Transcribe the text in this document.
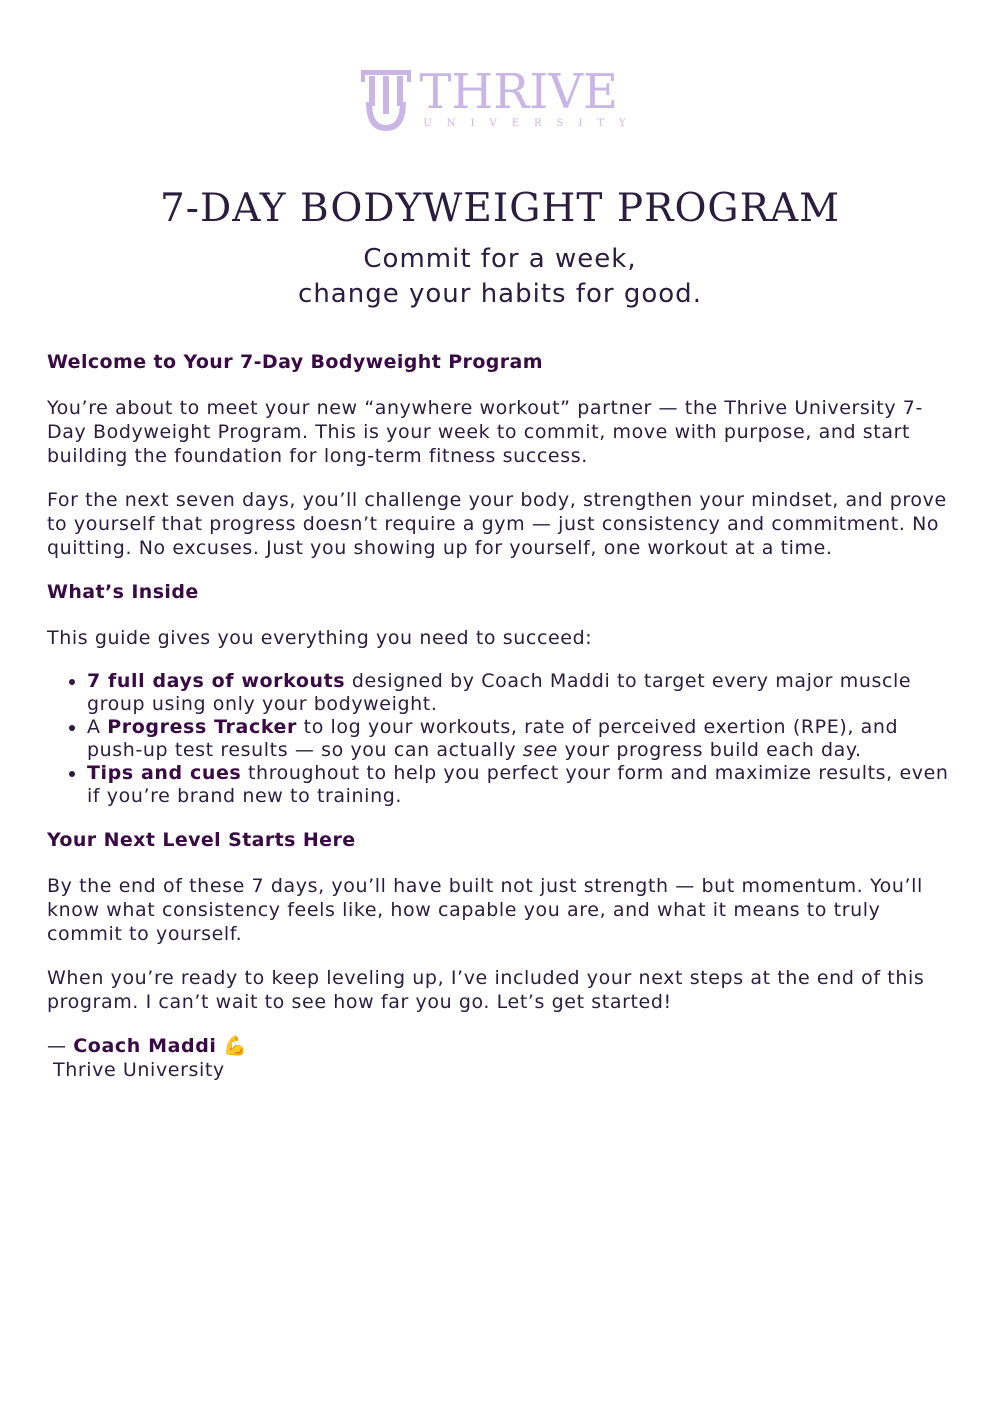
THRIVE
UNIVERSITY
7-DAY BODYWEIGHT PROGRAM
Commit for a week,
change your habits for good.
Welcome to Your 7-Day Bodyweight Program

You’re about to meet your new “anywhere workout” partner — the Thrive University 7-Day Bodyweight Program. This is your week to commit, move with purpose, and start building the foundation for long-term fitness success.

For the next seven days, you’ll challenge your body, strengthen your mindset, and prove to yourself that progress doesn’t require a gym — just consistency and commitment. No quitting. No excuses. Just you showing up for yourself, one workout at a time.

What’s Inside

This guide gives you everything you need to succeed:

• 7 full days of workouts designed by Coach Maddi to target every major muscle group using only your bodyweight.
• A Progress Tracker to log your workouts, rate of perceived exertion (RPE), and push-up test results — so you can actually see your progress build each day.
• Tips and cues throughout to help you perfect your form and maximize results, even if you’re brand new to training.
Your Next Level Starts Here

By the end of these 7 days, you’ll have built not just strength — but momentum. You’ll know what consistency feels like, how capable you are, and what it means to truly commit to yourself.

When you’re ready to keep leveling up, I’ve included your next steps at the end of this program. I can’t wait to see how far you go. Let’s get started!

— Coach Maddi 💪
Thrive University
